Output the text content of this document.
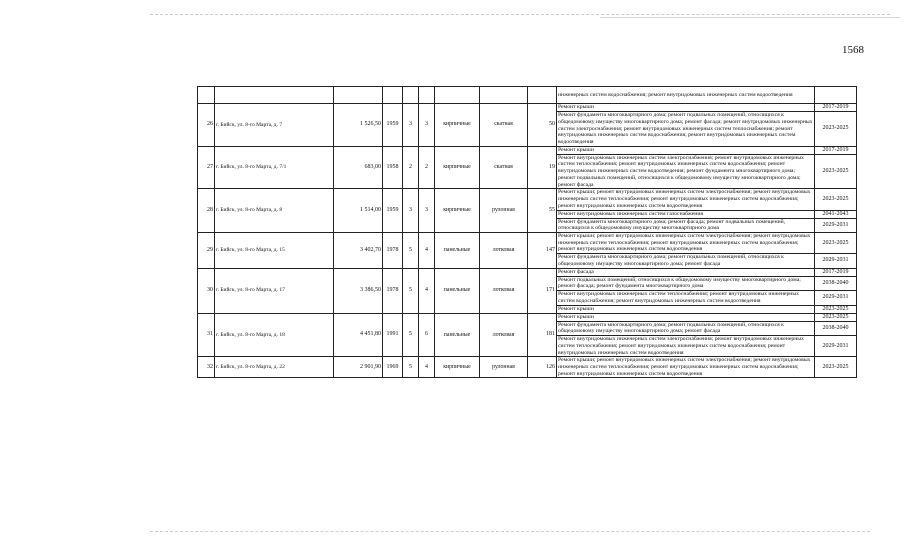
1568
									инженерных систем водоснабжения; ремонт внутридомовых инженерных систем водоотведения	
26	г. Бийск, ул. 8-го Марта, д. 7	1 526,50	1959	3	3	кирпичные	скатная	50	Ремонт крыши	2017-2019
									Ремонт фундамента многоквартирного дома; ремонт подвальных помещений, относящихся к общедомовому имуществу многоквартирного дома; ремонт фасада; ремонт внутридомовых инженерных систем электроснабжения; ремонт внутридомовых инженерных систем теплоснабжения; ремонт внутридомовых инженерных систем водоснабжения; ремонт внутридомовых инженерных систем водоотведения	2023-2025
27	г. Бийск, ул. 8-го Марта, д. 7/1	683,00	1958	2	2	кирпичные	скатная	19	Ремонт крыши	2017-2019
									Ремонт внутридомовых инженерных систем электроснабжения; ремонт внутридомовых инженерных систем теплоснабжения; ремонт внутридомовых инженерных систем водоснабжения; ремонт внутридомовых инженерных систем водоотведения; ремонт фундамента многоквартирного дома; ремонт подвальных помещений, относящихся к общедомовому имуществу многоквартирного дома; ремонт фасада	2023-2025
28	г. Бийск, ул. 8-го Марта, д. 8	1 514,00	1959	3	3	кирпичные	рулонная	55	Ремонт крыши; ремонт внутридомовых инженерных систем электроснабжения; ремонт внутридомовых инженерных систем теплоснабжения; ремонт внутридомовых инженерных систем водоснабжения; ремонт внутридомовых инженерных систем водоотведения	2023-2025
									Ремонт внутридомовых инженерных систем газоснабжения	2041-2043
									Ремонт фундамента многоквартирного дома; ремонт фасада; ремонт подвальных помещений, относящихся к общедомовому имуществу многоквартирного дома	2029-2031
29	г. Бийск, ул. 8-го Марта, д. 15	3 402,70	1978	5	4	панельные	лотковая	147	Ремонт крыши; ремонт внутридомовых инженерных систем электроснабжения; ремонт внутридомовых инженерных систем теплоснабжения; ремонт внутридомовых инженерных систем водоснабжения; ремонт внутридомовых инженерных систем водоотведения	2023-2025
									Ремонт фундамента многоквартирного дома; ремонт подвальных помещений, относящихся к общедомовому имуществу многоквартирного дома; ремонт фасада	2029-2031
30	г. Бийск, ул. 8-го Марта, д. 17	3 386,50	1978	5	4	панельные	лотковая	171	Ремонт фасада	2017-2019
									Ремонт подвальных помещений, относящихся к общедомовому имуществу многоквартирного дома; ремонт фасада; ремонт фундамента многоквартирного дома	2038-2040
									Ремонт внутридомовых инженерных систем теплоснабжения; ремонт внутридомовых инженерных систем водоснабжения; ремонт внутридомовых инженерных систем водоотведения	2029-2031
									Ремонт крыши	2023-2025
31	г. Бийск, ул. 8-го Марта, д. 18	4 451,80	1991	5	6	панельные	лотковая	181	Ремонт крыши	2023-2025
									Ремонт фундамента многоквартирного дома; ремонт подвальных помещений, относящихся к общедомовому имуществу многоквартирного дома; ремонт фасада	2038-2040
									Ремонт внутридомовых инженерных систем электроснабжения; ремонт внутридомовых инженерных систем теплоснабжения; ремонт внутридомовых инженерных систем водоснабжения; ремонт внутридомовых инженерных систем водоотведения	2029-2031
32	г. Бийск, ул. 8-го Марта, д. 22	2 901,90	1969	5	4	кирпичные	рулонная	126	Ремонт крыши; ремонт внутридомовых инженерных систем электроснабжения; ремонт внутридомовых инженерных систем теплоснабжения; ремонт внутридомовых инженерных систем водоснабжения; ремонт внутридомовых инженерных систем водоотведения	2023-2025
